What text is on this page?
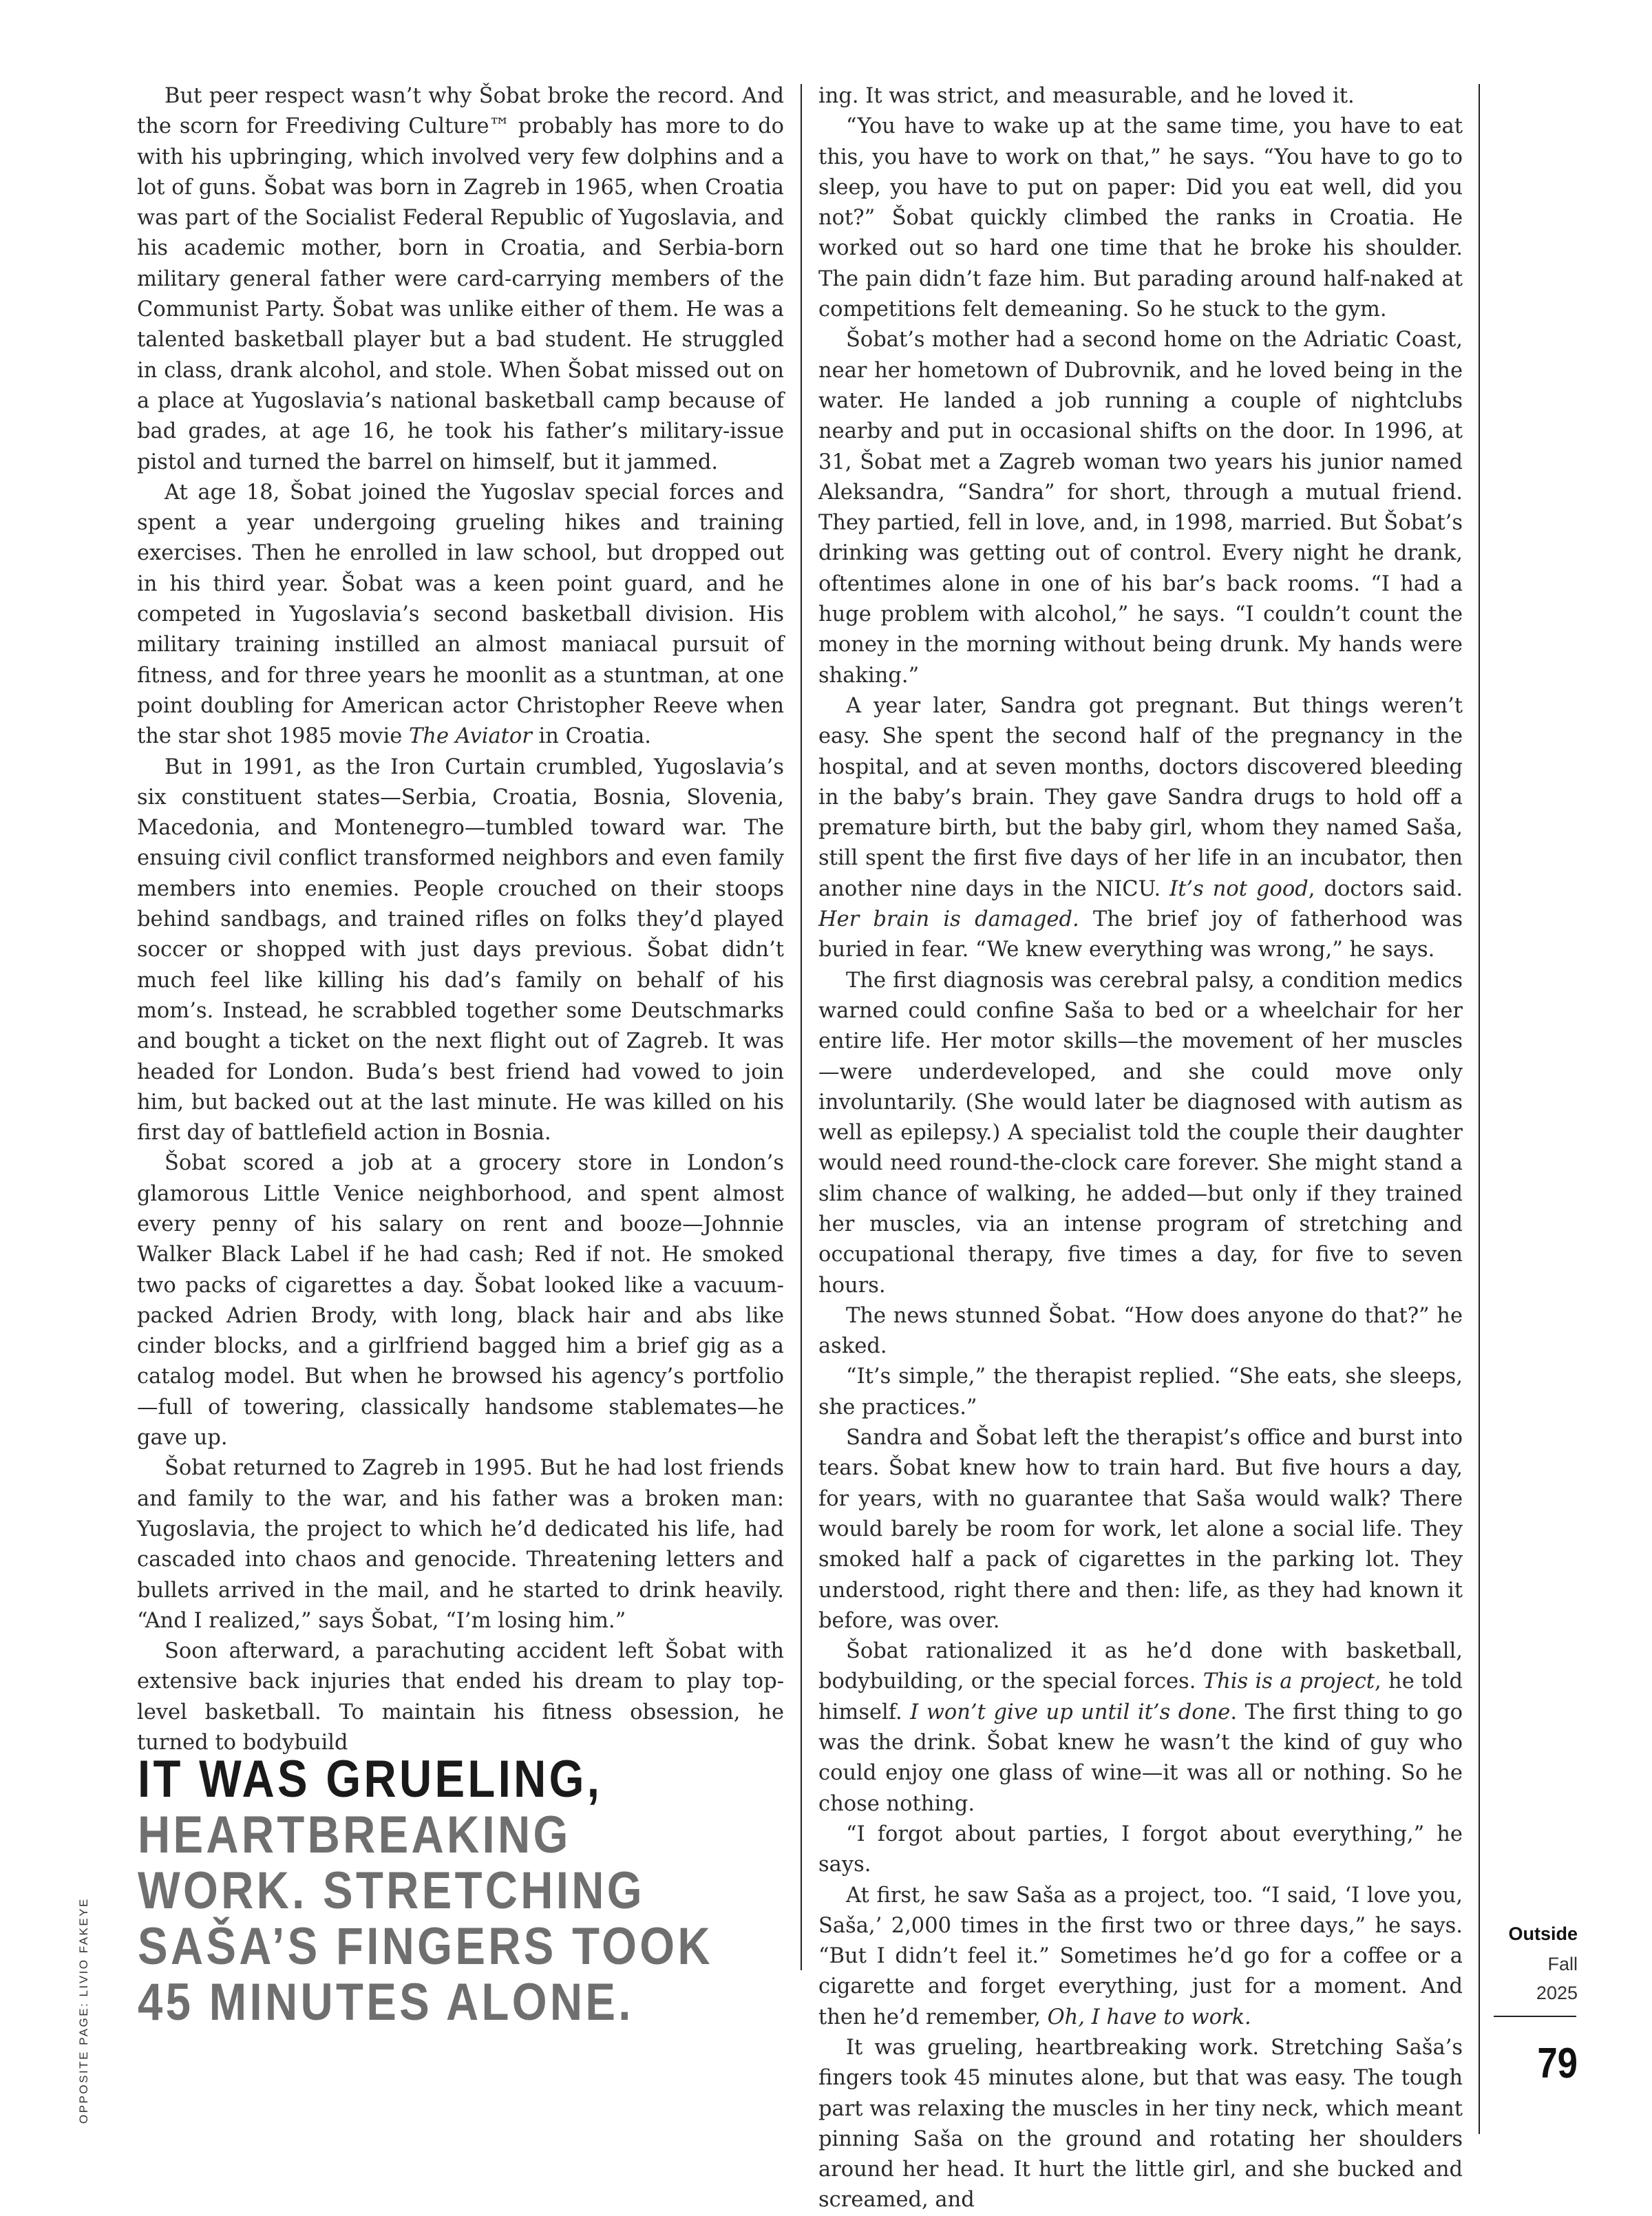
But peer respect wasn’t why Šobat broke the record. And the scorn for Freediving Culture™ probably has more to do with his upbringing, which involved very few dolphins and a lot of guns. Šobat was born in Zagreb in 1965, when Croatia was part of the Socialist Federal Republic of Yugoslavia, and his academic mother, born in Croatia, and Serbia-born military general father were card-carrying members of the Communist Party. Šobat was unlike either of them. He was a talented basketball player but a bad student. He struggled in class, drank alcohol, and stole. When Šobat missed out on a place at Yugoslavia’s national basketball camp because of bad grades, at age 16, he took his father’s military-issue pistol and turned the barrel on himself, but it jammed.

At age 18, Šobat joined the Yugoslav special forces and spent a year undergoing grueling hikes and training exercises. Then he enrolled in law school, but dropped out in his third year. Šobat was a keen point guard, and he competed in Yugoslavia’s second basketball division. His military training instilled an almost maniacal pursuit of fitness, and for three years he moonlit as a stuntman, at one point doubling for American actor Christopher Reeve when the star shot 1985 movie The Aviator in Croatia.

But in 1991, as the Iron Curtain crumbled, Yugoslavia’s six constituent states—Serbia, Croatia, Bosnia, Slovenia, Macedonia, and Montenegro—tumbled toward war. The ensuing civil conflict transformed neighbors and even family members into enemies. People crouched on their stoops behind sandbags, and trained rifles on folks they’d played soccer or shopped with just days previous. Šobat didn’t much feel like killing his dad’s family on behalf of his mom’s. Instead, he scrabbled together some Deutschmarks and bought a ticket on the next flight out of Zagreb. It was headed for London. Buda’s best friend had vowed to join him, but backed out at the last minute. He was killed on his first day of battlefield action in Bosnia.

Šobat scored a job at a grocery store in London’s glamorous Little Venice neighborhood, and spent almost every penny of his salary on rent and booze—Johnnie Walker Black Label if he had cash; Red if not. He smoked two packs of cigarettes a day. Šobat looked like a vacuum-packed Adrien Brody, with long, black hair and abs like cinder blocks, and a girlfriend bagged him a brief gig as a catalog model. But when he browsed his agency’s portfolio—full of towering, classically handsome stablemates—he gave up.

Šobat returned to Zagreb in 1995. But he had lost friends and family to the war, and his father was a broken man: Yugoslavia, the project to which he’d dedicated his life, had cascaded into chaos and genocide. Threatening letters and bullets arrived in the mail, and he started to drink heavily. “And I realized,” says Šobat, “I’m losing him.”

Soon afterward, a parachuting accident left Šobat with extensive back injuries that ended his dream to play top-level basketball. To maintain his fitness obsession, he turned to bodybuild

ing. It was strict, and measurable, and he loved it.

“You have to wake up at the same time, you have to eat this, you have to work on that,” he says. “You have to go to sleep, you have to put on paper: Did you eat well, did you not?” Šobat quickly climbed the ranks in Croatia. He worked out so hard one time that he broke his shoulder. The pain didn’t faze him. But parading around half-naked at competitions felt demeaning. So he stuck to the gym.

Šobat’s mother had a second home on the Adriatic Coast, near her hometown of Dubrovnik, and he loved being in the water. He landed a job running a couple of nightclubs nearby and put in occasional shifts on the door. In 1996, at 31, Šobat met a Zagreb woman two years his junior named Aleksandra, “Sandra” for short, through a mutual friend. They partied, fell in love, and, in 1998, married. But Šobat’s drinking was getting out of control. Every night he drank, oftentimes alone in one of his bar’s back rooms. “I had a huge problem with alcohol,” he says. “I couldn’t count the money in the morning without being drunk. My hands were shaking.”

A year later, Sandra got pregnant. But things weren’t easy. She spent the second half of the pregnancy in the hospital, and at seven months, doctors discovered bleeding in the baby’s brain. They gave Sandra drugs to hold off a premature birth, but the baby girl, whom they named Saša, still spent the first five days of her life in an incubator, then another nine days in the NICU. It’s not good, doctors said. Her brain is damaged. The brief joy of fatherhood was buried in fear. “We knew everything was wrong,” he says.

The first diagnosis was cerebral palsy, a condition medics warned could confine Saša to bed or a wheelchair for her entire life. Her motor skills—the movement of her muscles—were underdeveloped, and she could move only involuntarily. (She would later be diagnosed with autism as well as epilepsy.) A specialist told the couple their daughter would need round-the-clock care forever. She might stand a slim chance of walking, he added—but only if they trained her muscles, via an intense program of stretching and occupational therapy, five times a day, for five to seven hours.

The news stunned Šobat. “How does anyone do that?” he asked.

“It’s simple,” the therapist replied. “She eats, she sleeps, she practices.”

Sandra and Šobat left the therapist’s office and burst into tears. Šobat knew how to train hard. But five hours a day, for years, with no guarantee that Saša would walk? There would barely be room for work, let alone a social life. They smoked half a pack of cigarettes in the parking lot. They understood, right there and then: life, as they had known it before, was over.

Šobat rationalized it as he’d done with basketball, bodybuilding, or the special forces. This is a project, he told himself. I won’t give up until it’s done. The first thing to go was the drink. Šobat knew he wasn’t the kind of guy who could enjoy one glass of wine—it was all or nothing. So he chose nothing.

“I forgot about parties, I forgot about everything,” he says.

At first, he saw Saša as a project, too. “I said, ‘I love you, Saša,’ 2,000 times in the first two or three days,” he says. “But I didn’t feel it.” Sometimes he’d go for a coffee or a cigarette and forget everything, just for a moment. And then he’d remember, Oh, I have to work.

It was grueling, heartbreaking work. Stretching Saša’s fingers took 45 minutes alone, but that was easy. The tough part was relaxing the muscles in her tiny neck, which meant pinning Saša on the ground and rotating her shoulders around her head. It hurt the little girl, and she bucked and screamed, and

IT WAS GRUELING,
HEARTBREAKING
WORK. STRETCHING
SAŠA’S FINGERS TOOK
45 MINUTES ALONE.
OPPOSITE PAGE: LIVIO FAKEYE	Outside
Fall
2025
79
